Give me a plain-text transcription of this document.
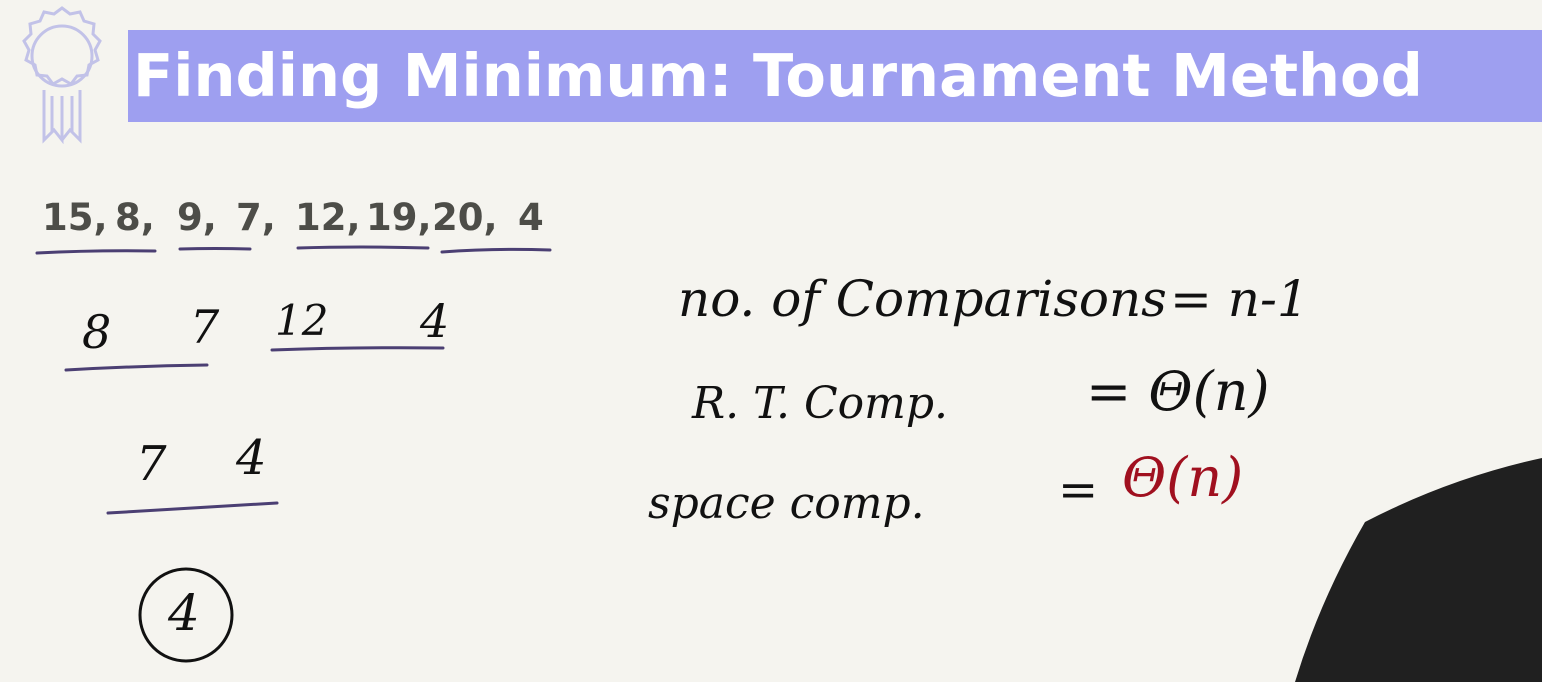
Finding Minimum: Tournament Method
15, 8, 9, 7, 12, 19, 20, 4
8 7 12 4
7 4
4
no. of Comparisons = n-1
R. T. Comp.	= Θ(n)
space comp.	= Θ(n)
